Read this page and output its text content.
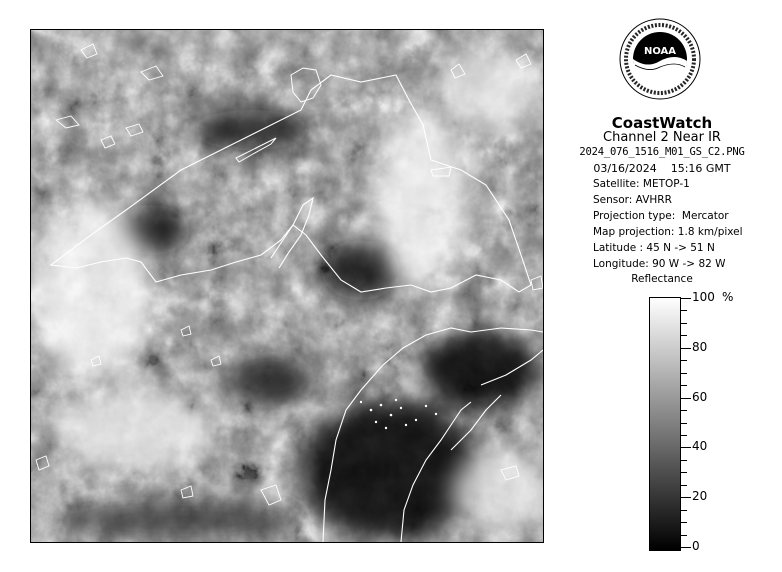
NOAA
CoastWatch
Channel 2 Near IR
2024_076_1516_M01_GS_C2.PNG
03/16/2024    15:16 GMT
Satellite: METOP-1
Sensor: AVHRR
Projection type:  Mercator
Map projection: 1.8 km/pixel
Latitude : 45 N -> 51 N
Longitude: 90 W -> 82 W
Reflectance
%
100
80
60
40
20
0
